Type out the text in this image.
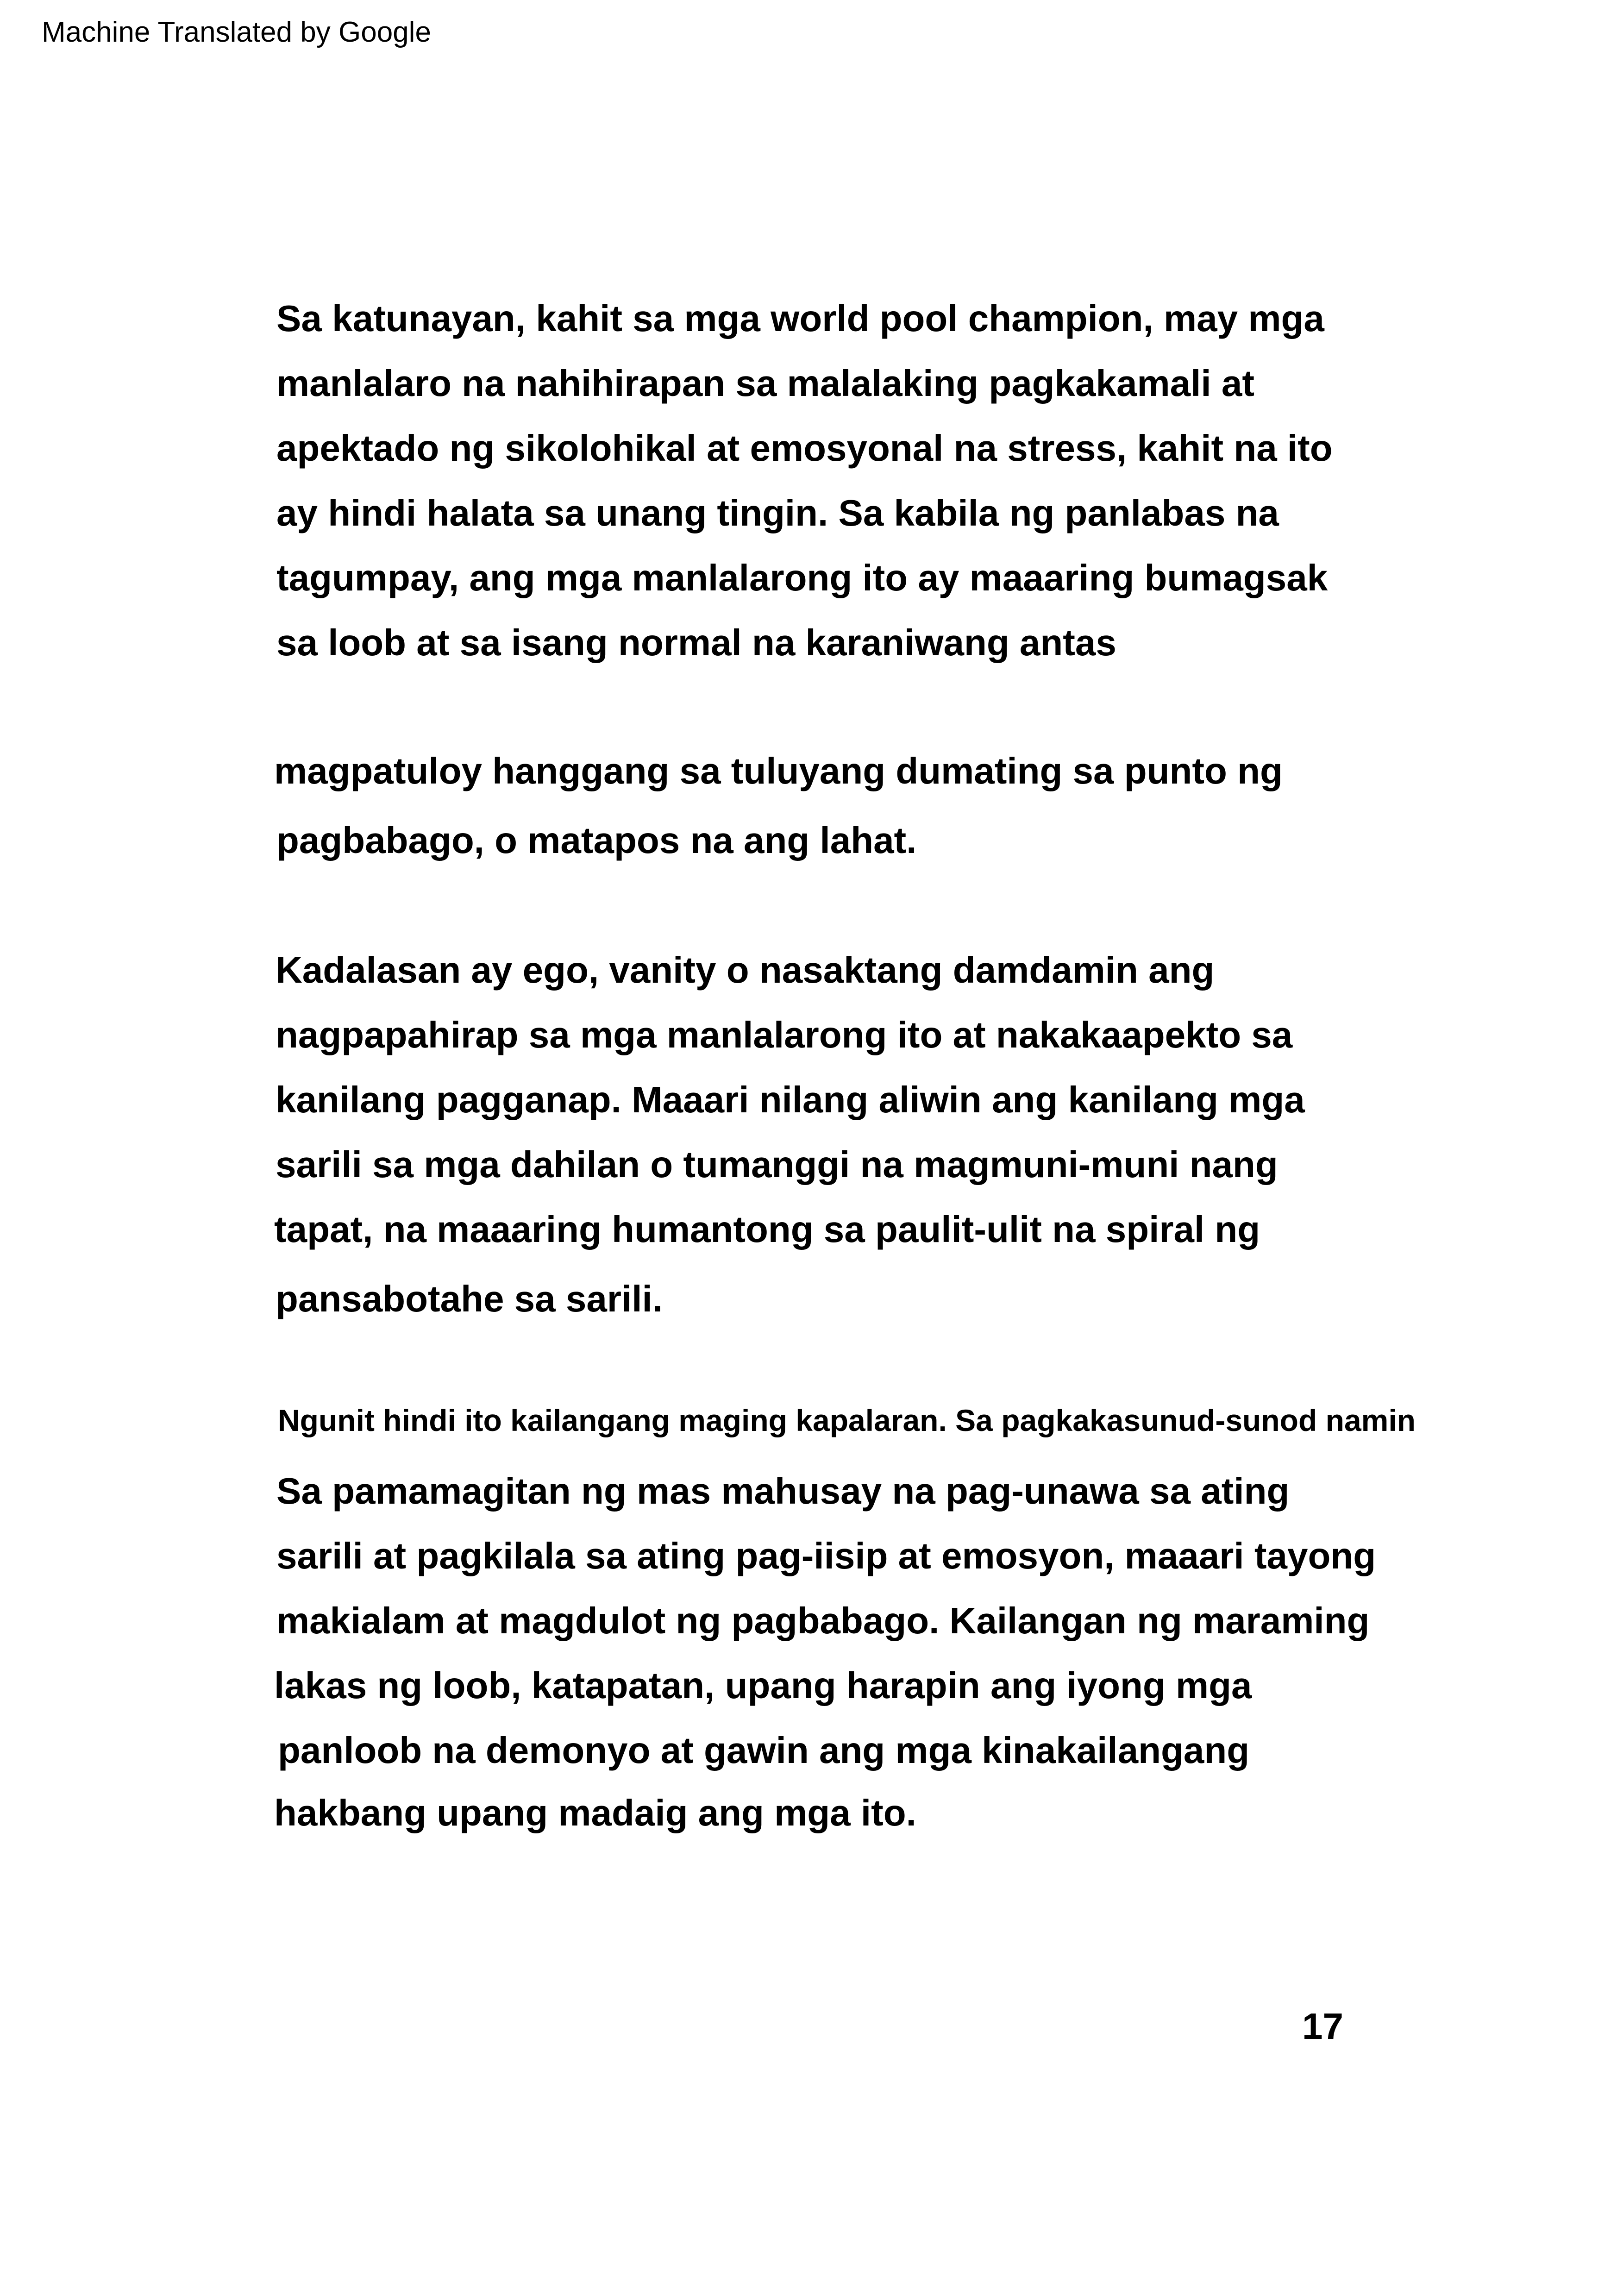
Machine Translated by Google
Sa katunayan, kahit sa mga world pool champion, may mga
manlalaro na nahihirapan sa malalaking pagkakamali at
apektado ng sikolohikal at emosyonal na stress, kahit na ito
ay hindi halata sa unang tingin. Sa kabila ng panlabas na
tagumpay, ang mga manlalarong ito ay maaaring bumagsak
sa loob at sa isang normal na karaniwang antas
magpatuloy hanggang sa tuluyang dumating sa punto ng
pagbabago, o matapos na ang lahat.
Kadalasan ay ego, vanity o nasaktang damdamin ang
nagpapahirap sa mga manlalarong ito at nakakaapekto sa
kanilang pagganap. Maaari nilang aliwin ang kanilang mga
sarili sa mga dahilan o tumanggi na magmuni-muni nang
tapat, na maaaring humantong sa paulit-ulit na spiral ng
pansabotahe sa sarili.
Ngunit hindi ito kailangang maging kapalaran. Sa pagkakasunud-sunod namin
Sa pamamagitan ng mas mahusay na pag-unawa sa ating
sarili at pagkilala sa ating pag-iisip at emosyon, maaari tayong
makialam at magdulot ng pagbabago. Kailangan ng maraming
lakas ng loob, katapatan, upang harapin ang iyong mga
panloob na demonyo at gawin ang mga kinakailangang
hakbang upang madaig ang mga ito.
17
